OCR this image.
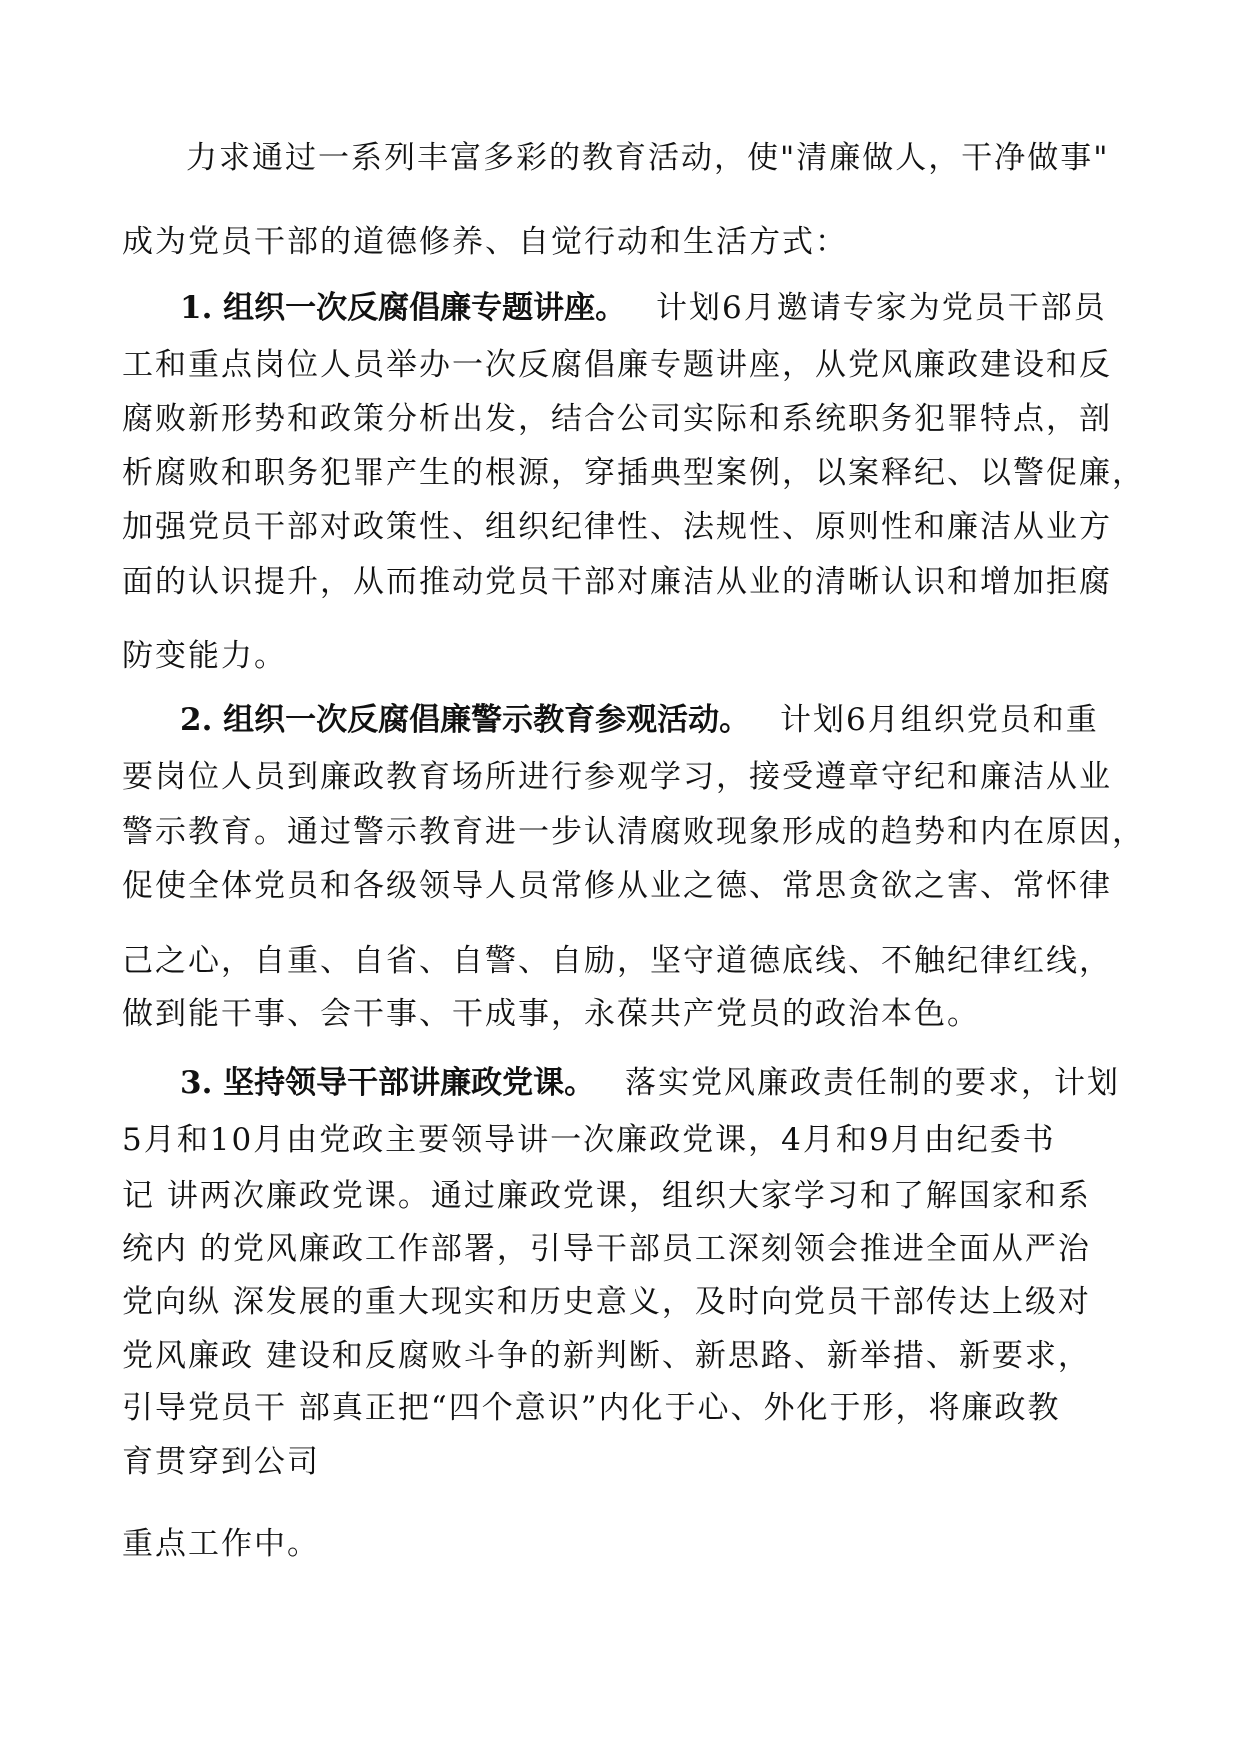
力求通过一系列丰富多彩的教育活动，使"清廉做人，干净做事"
成为党员干部的道德修养、自觉行动和生活方式：
1. 组织一次反腐倡廉专题讲座。 计划6月邀请专家为党员干部员
工和重点岗位人员举办一次反腐倡廉专题讲座，从党风廉政建设和反
腐败新形势和政策分析出发，结合公司实际和系统职务犯罪特点，剖
析腐败和职务犯罪产生的根源，穿插典型案例，以案释纪、以警促廉，
加强党员干部对政策性、组织纪律性、法规性、原则性和廉洁从业方
面的认识提升，从而推动党员干部对廉洁从业的清晰认识和增加拒腐
防变能力。
2. 组织一次反腐倡廉警示教育参观活动。 计划6月组织党员和重
要岗位人员到廉政教育场所进行参观学习，接受遵章守纪和廉洁从业
警示教育。通过警示教育进一步认清腐败现象形成的趋势和内在原因，
促使全体党员和各级领导人员常修从业之德、常思贪欲之害、常怀律
己之心，自重、自省、自警、自励，坚守道德底线、不触纪律红线，
做到能干事、会干事、干成事，永葆共产党员的政治本色。
3. 坚持领导干部讲廉政党课。 落实党风廉政责任制的要求，计划
5月和10月由党政主要领导讲一次廉政党课，4月和9月由纪委书
记 讲两次廉政党课。通过廉政党课，组织大家学习和了解国家和系
统内 的党风廉政工作部署，引导干部员工深刻领会推进全面从严治
党向纵 深发展的重大现实和历史意义，及时向党员干部传达上级对
党风廉政 建设和反腐败斗争的新判断、新思路、新举措、新要求，
引导党员干 部真正把“四个意识”内化于心、外化于形，将廉政教
育贯穿到公司
重点工作中。
